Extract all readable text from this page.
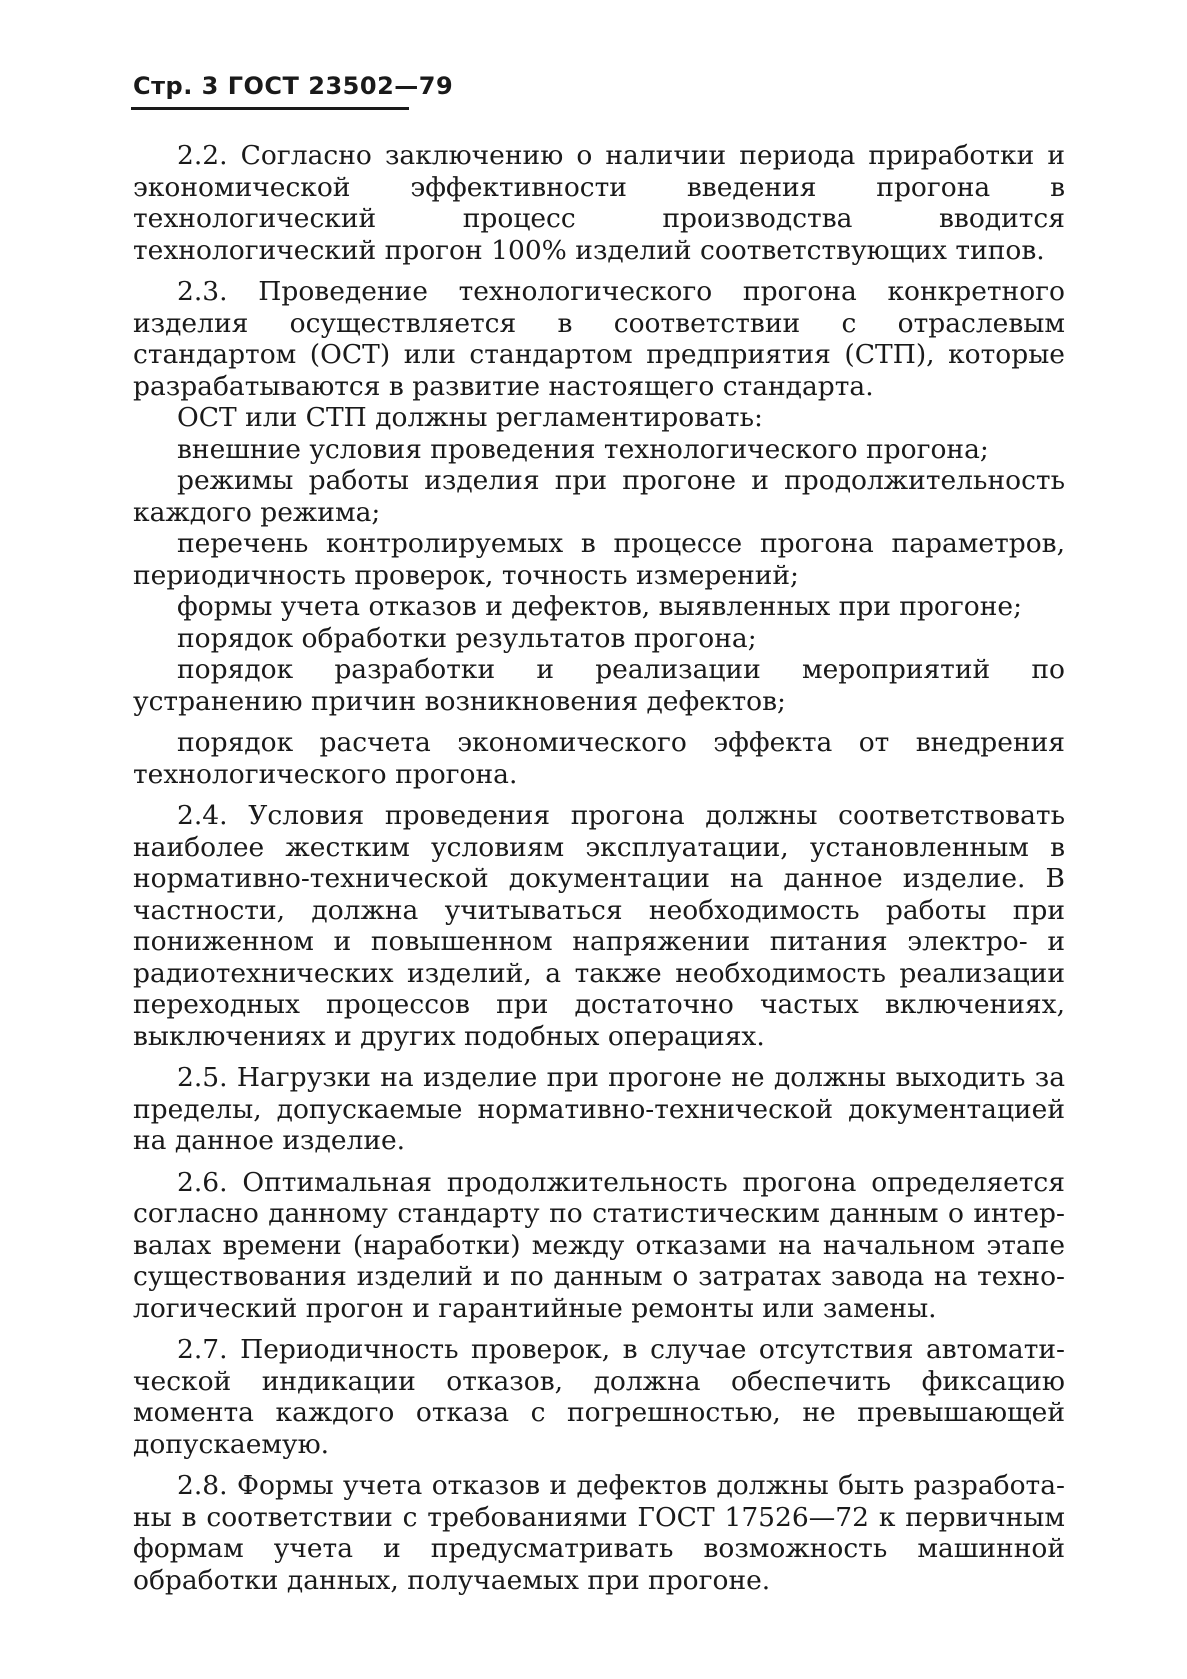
Стр. 3 ГОСТ 23502—79

2.2. Согласно заключению о наличии периода приработки и экономической эффективности введения прогона в технологический процесс производства вводится технологический прогон 100% изделий соответствующих типов.

2.3. Проведение технологического прогона конкретного изделия осуществляется в соответствии с отраслевым стандартом (ОСТ) или стандартом предприятия (СТП), которые разрабатываются в развитие настоящего стандарта.

ОСТ или СТП должны регламентировать:

внешние условия проведения технологического прогона;

режимы работы изделия при прогоне и продолжительность каждого режима;

перечень контролируемых в процессе прогона параметров, периодичность проверок, точность измерений;

формы учета отказов и дефектов, выявленных при прогоне;

порядок обработки результатов прогона;

порядок разработки и реализации мероприятий по устранению причин возникновения дефектов;

порядок расчета экономического эффекта от внедрения технологического прогона.

2.4. Условия проведения прогона должны соответствовать наиболее жестким условиям эксплуатации, установленным в нормативно-технической документации на данное изделие. В частности, должна учитываться необходимость работы при пониженном и повышенном напряжении питания электро- и радиотехнических изделий, а также необходимость реализации переходных процессов при достаточно частых включениях, выключениях и других подобных операциях.

2.5. Нагрузки на изделие при прогоне не должны выходить за пределы, допускаемые нормативно-технической документацией на данное изделие.

2.6. Оптимальная продолжительность прогона определяется согласно данному стандарту по статистическим данным о интервалах времени (наработки) между отказами на начальном этапе существования изделий и по данным о затратах завода на технологический прогон и гарантийные ремонты или замены.

2.7. Периодичность проверок, в случае отсутствия автоматической индикации отказов, должна обеспечить фиксацию момента каждого отказа с погрешностью, не превышающей допускаемую.

2.8. Формы учета отказов и дефектов должны быть разработаны в соответствии с требованиями ГОСТ 17526—72 к первичным формам учета и предусматривать возможность машинной обработки данных, получаемых при прогоне.
